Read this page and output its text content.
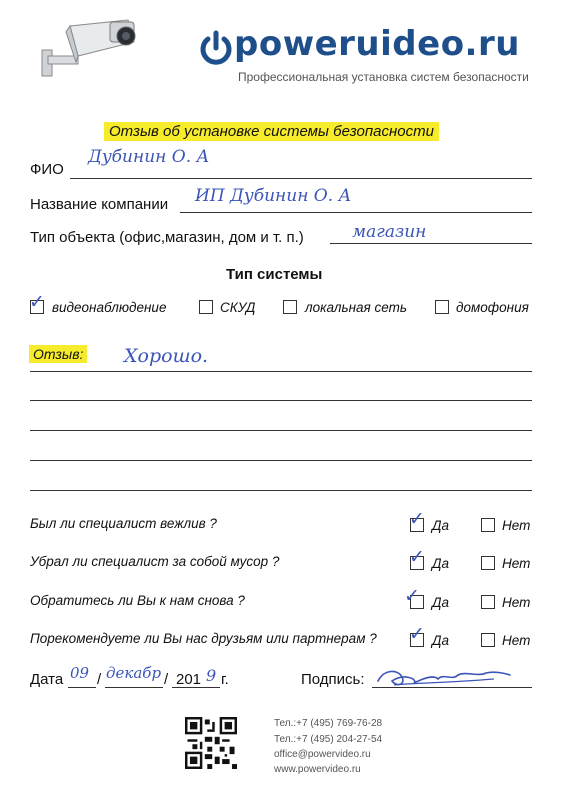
poweruideo.ru
Профессиональная установка систем безопасности
Отзыв об установке системы безопасности
ФИО
Дубинин О. А
Название компании ИП Дубинин О. А
Тип объекта (офис,магазин, дом и т. п.)	магазин
Тип системы
✓ видеонаблюдение	СКУД	локальная сеть	домофония
Отзыв: Хорошо.
Был ли специалист вежлив ?	✓ Да	Нет
Убрал ли специалист за собой мусор ?	✓ Да	Нет
Обратитесь ли Вы к нам снова ?	✓ Да	Нет
Порекомендуете ли Вы нас друзьям или партнерам ? ✓ Да	Нет
Дата 09 / декабр / 201 9 г.	Подпись:
Тел.:+7 (495) 769-76-28
Тел.:+7 (495) 204-27-54
office@powervideo.ru
www.powervideo.ru
